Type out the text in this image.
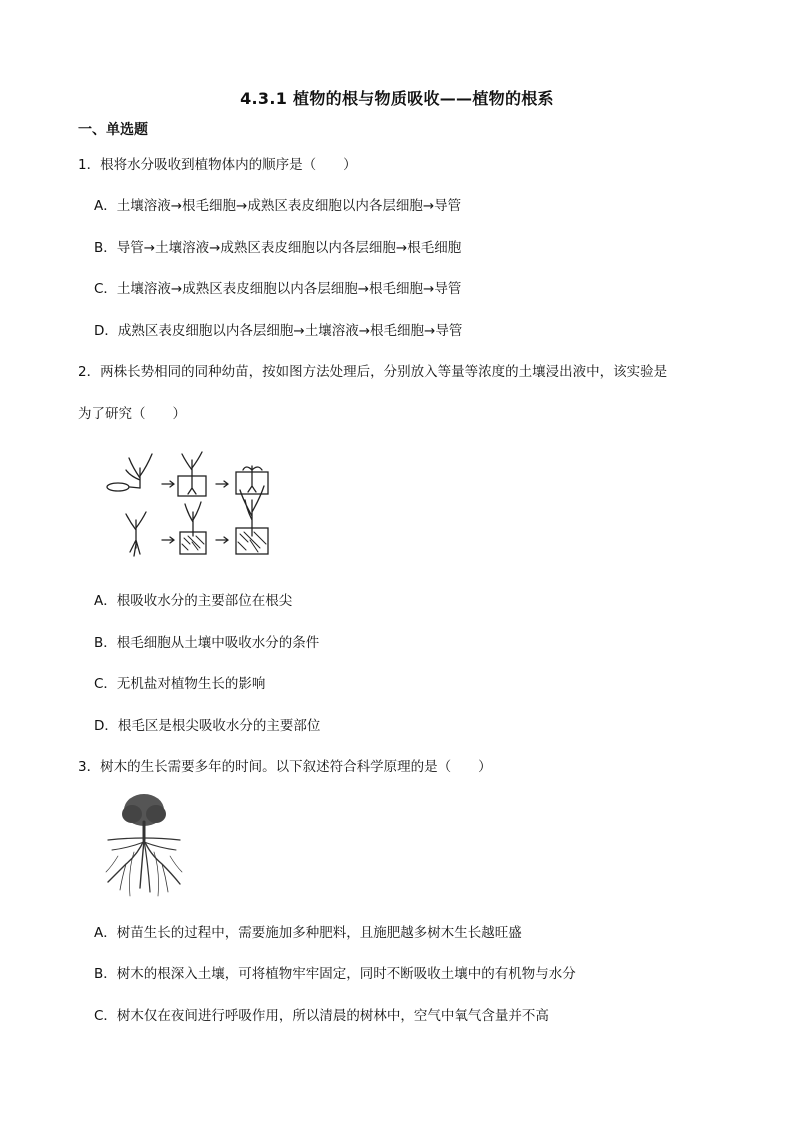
4.3.1 植物的根与物质吸收——植物的根系
一、单选题
1．根将水分吸收到植物体内的顺序是（　　）
A．土壤溶液→根毛细胞→成熟区表皮细胞以内各层细胞→导管
B．导管→土壤溶液→成熟区表皮细胞以内各层细胞→根毛细胞
C．土壤溶液→成熟区表皮细胞以内各层细胞→根毛细胞→导管
D．成熟区表皮细胞以内各层细胞→土壤溶液→根毛细胞→导管
2．两株长势相同的同种幼苗，按如图方法处理后，分别放入等量等浓度的土壤浸出液中，该实验是
为了研究（　　）
A．根吸收水分的主要部位在根尖
B．根毛细胞从土壤中吸收水分的条件
C．无机盐对植物生长的影响
D．根毛区是根尖吸收水分的主要部位
3．树木的生长需要多年的时间。以下叙述符合科学原理的是（　　）
A．树苗生长的过程中，需要施加多种肥料，且施肥越多树木生长越旺盛
B．树木的根深入土壤，可将植物牢牢固定，同时不断吸收土壤中的有机物与水分
C．树木仅在夜间进行呼吸作用，所以清晨的树林中，空气中氧气含量并不高
